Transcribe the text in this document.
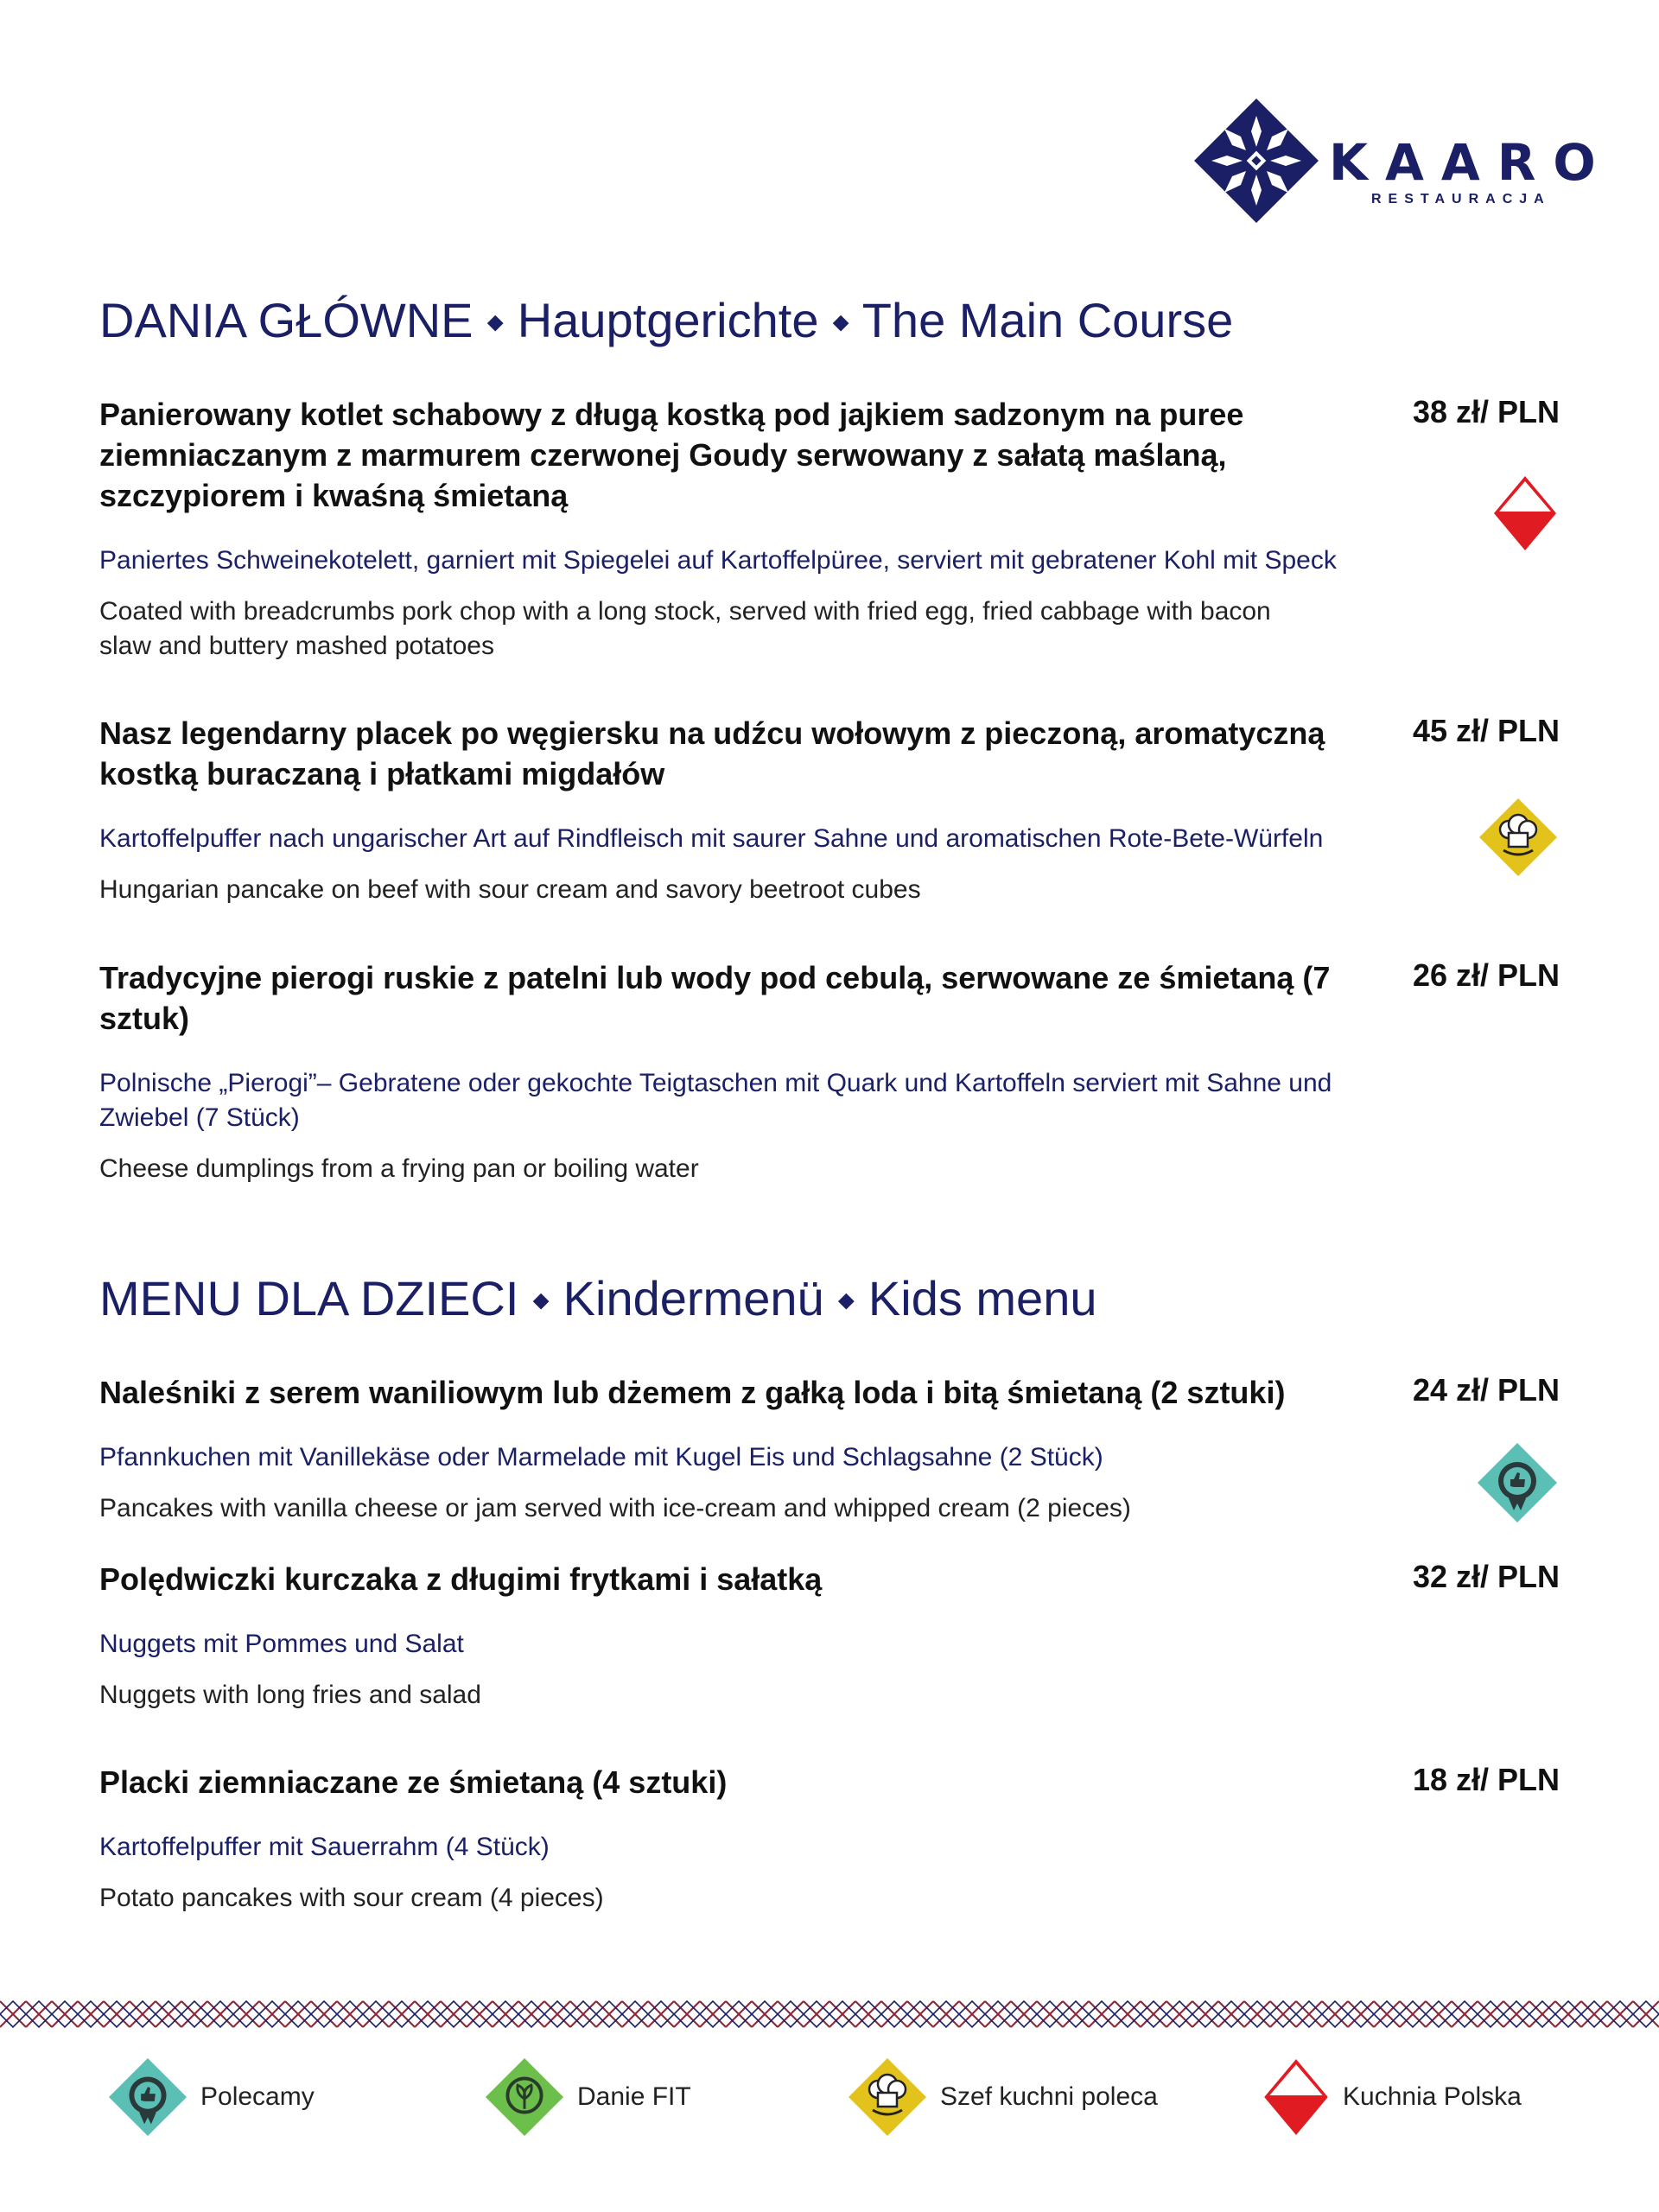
KAARO
RESTAURACJA
DANIA GŁÓWNE ⬩ Hauptgerichte ⬩ The Main Course
Panierowany kotlet schabowy z długą kostką pod jajkiem sadzonym na puree ziemniaczanym z marmurem czerwonej Goudy serwowany z sałatą maślaną, szczypiorem i kwaśną śmietaną
38 zł/ PLN
Paniertes Schweinekotelett, garniert mit Spiegelei auf Kartoffelpüree, serviert mit gebratener Kohl mit Speck
Coated with breadcrumbs pork chop with a long stock, served with fried egg, fried cabbage with bacon slaw and buttery mashed potatoes
Nasz legendarny placek po węgiersku na udźcu wołowym z pieczoną, aromatyczną kostką buraczaną i płatkami migdałów
45 zł/ PLN
Kartoffelpuffer nach ungarischer Art auf Rindfleisch mit saurer Sahne und aromatischen Rote-Bete-Würfeln
Hungarian pancake on beef with sour cream and savory beetroot cubes
Tradycyjne pierogi ruskie z patelni lub wody pod cebulą, serwowane ze śmietaną (7 sztuk)
26 zł/ PLN
Polnische „Pierogi”– Gebratene oder gekochte Teigtaschen mit Quark und Kartoffeln serviert mit Sahne und Zwiebel (7 Stück)
Cheese dumplings from a frying pan or boiling water
MENU DLA DZIECI ⬩ Kindermenü ⬩ Kids menu
Naleśniki z serem waniliowym lub dżemem z gałką loda i bitą śmietaną (2 sztuki)	24 zł/ PLN
Pfannkuchen mit Vanillekäse oder Marmelade mit Kugel Eis und Schlagsahne (2 Stück)
Pancakes with vanilla cheese or jam served with ice-cream and whipped cream (2 pieces)
Polędwiczki kurczaka z długimi frytkami i sałatką	32 zł/ PLN
Nuggets mit Pommes und Salat
Nuggets with long fries and salad
Placki ziemniaczane ze śmietaną (4 sztuki)	18 zł/ PLN
Kartoffelpuffer mit Sauerrahm (4 Stück)
Potato pancakes with sour cream (4 pieces)
Polecamy	Danie FIT	Szef kuchni poleca	Kuchnia Polska
